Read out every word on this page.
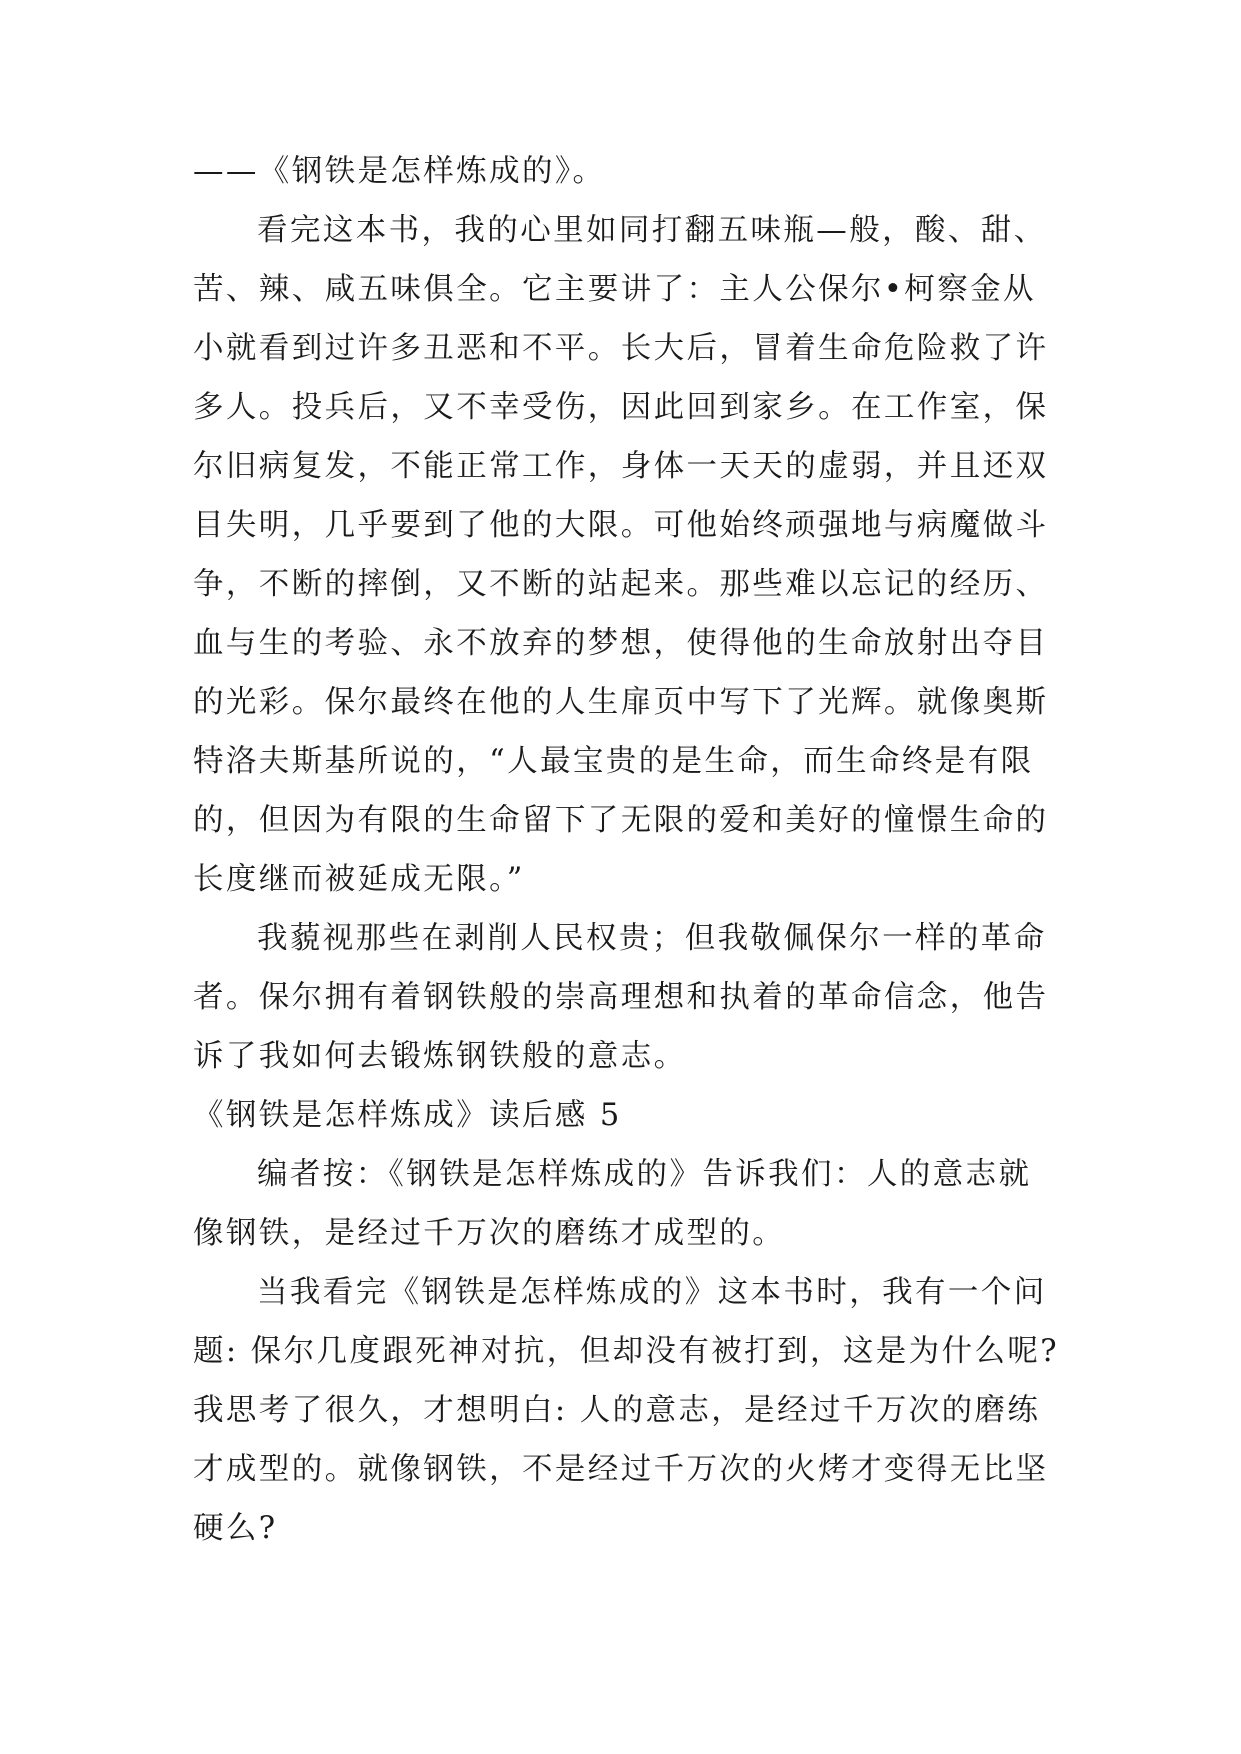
——《钢铁是怎样炼成的》。
看完这本书，我的心里如同打翻五味瓶—般，酸、甜、
苦、辣、咸五味俱全。它主要讲了：主人公保尔•柯察金从
小就看到过许多丑恶和不平。长大后，冒着生命危险救了许
多人。投兵后，又不幸受伤，因此回到家乡。在工作室，保
尔旧病复发，不能正常工作，身体一天天的虚弱，并且还双
目失明，几乎要到了他的大限。可他始终顽强地与病魔做斗
争，不断的摔倒，又不断的站起来。那些难以忘记的经历、
血与生的考验、永不放弃的梦想，使得他的生命放射出夺目
的光彩。保尔最终在他的人生扉页中写下了光辉。就像奥斯
特洛夫斯基所说的，“人最宝贵的是生命，而生命终是有限
的，但因为有限的生命留下了无限的爱和美好的憧憬生命的
长度继而被延成无限。”
我藐视那些在剥削人民权贵；但我敬佩保尔一样的革命
者。保尔拥有着钢铁般的崇高理想和执着的革命信念，他告
诉了我如何去锻炼钢铁般的意志。
《钢铁是怎样炼成》读后感 5
编者按：《钢铁是怎样炼成的》告诉我们：人的意志就
像钢铁，是经过千万次的磨练才成型的。
当我看完《钢铁是怎样炼成的》这本书时，我有一个问
题: 保尔几度跟死神对抗，但却没有被打到，这是为什么呢?
我思考了很久，才想明白: 人的意志，是经过千万次的磨练
才成型的。就像钢铁，不是经过千万次的火烤才变得无比坚
硬么?
